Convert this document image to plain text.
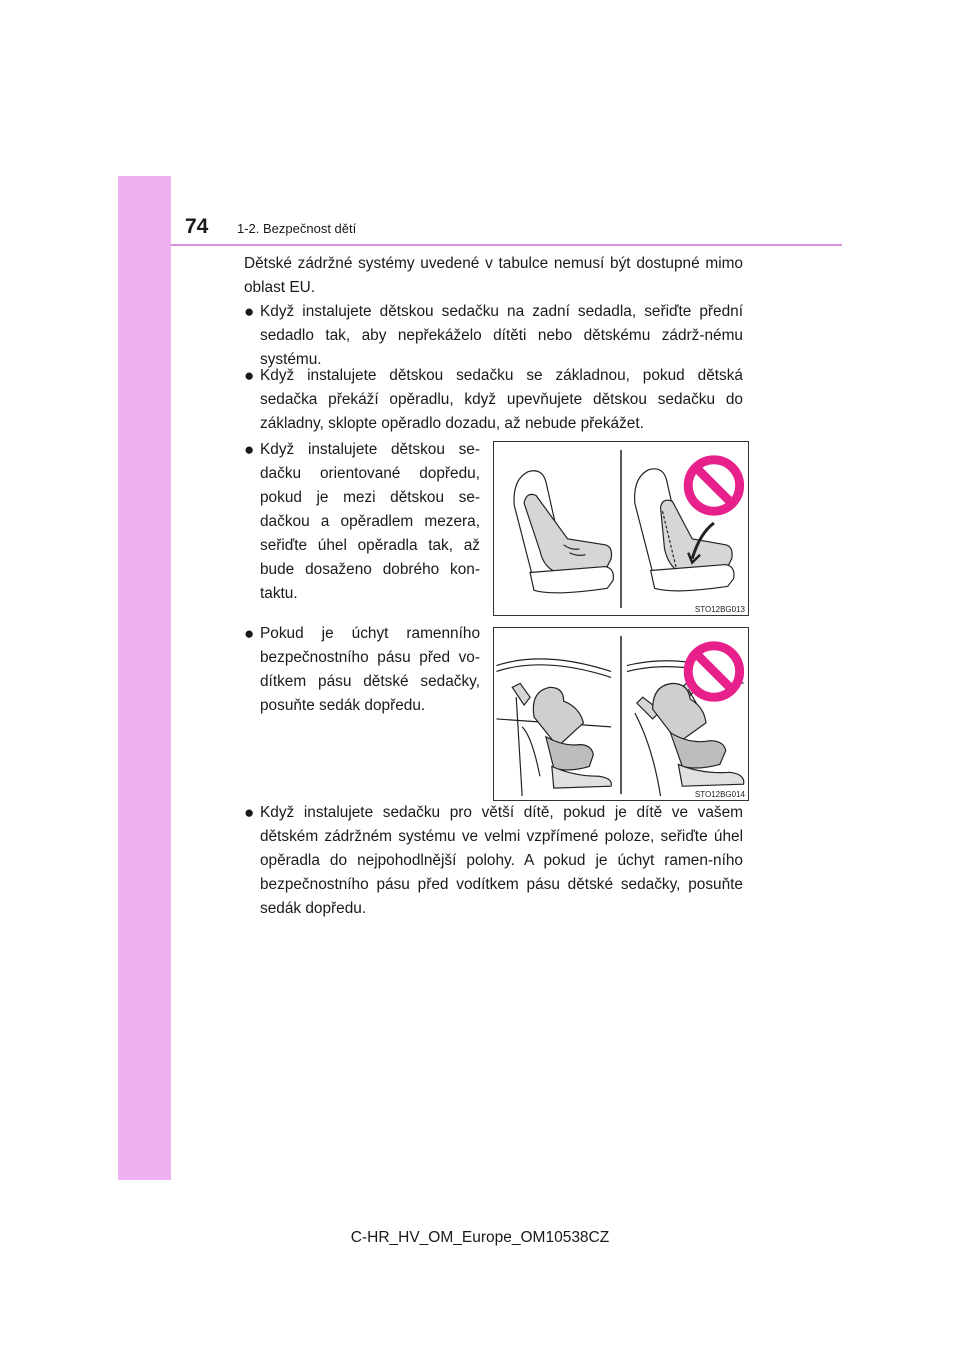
74 1-2. Bezpečnost dětí
Dětské zádržné systémy uvedené v tabulce nemusí být dostupné mimo oblast EU.
● Když instalujete dětskou sedačku na zadní sedadla, seřiďte přední sedadlo tak, aby nepřekáželo dítěti nebo dětskému zádrž-nému systému.
● Když instalujete dětskou sedačku se základnou, pokud dětská sedačka překáží opěradlu, když upevňujete dětskou sedačku do základny, sklopte opěradlo dozadu, až nebude překážet.
● Když instalujete dětskou se-dačku orientované dopředu, pokud je mezi dětskou se-dačkou a opěradlem mezera, seřiďte úhel opěradla tak, až bude dosaženo dobrého kon-taktu.
● Pokud je úchyt ramenního bezpečnostního pásu před vo-dítkem pásu dětské sedačky, posuňte sedák dopředu.
● Když instalujete sedačku pro větší dítě, pokud je dítě ve vašem dětském zádržném systému ve velmi vzpřímené poloze, seřiďte úhel opěradla do nejpohodlnější polohy. A pokud je úchyt ramen-ního bezpečnostního pásu před vodítkem pásu dětské sedačky, posuňte sedák dopředu.
STO12BG013
STO12BG014
C-HR_HV_OM_Europe_OM10538CZ
